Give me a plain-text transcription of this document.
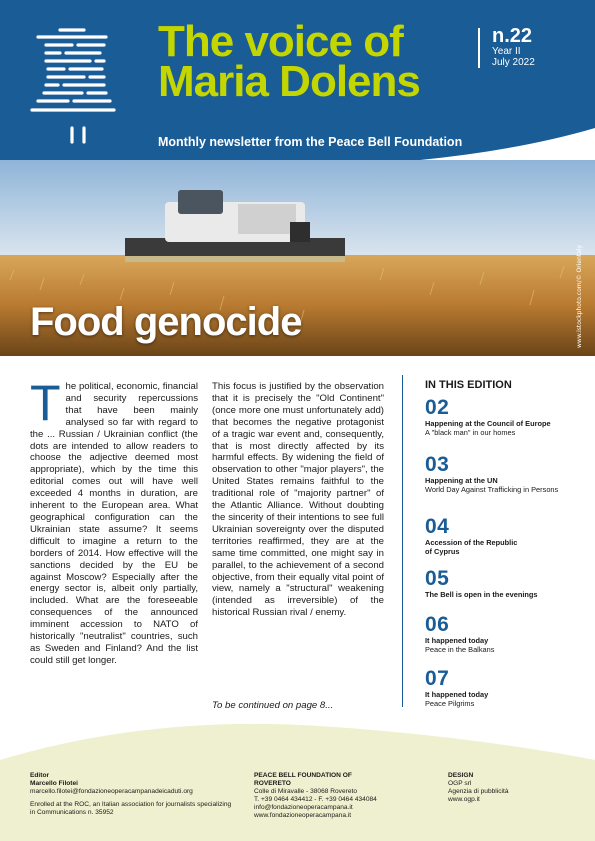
The voice of
Maria Dolens
n.22
Year II
July 2022
Monthly newsletter from the Peace Bell Foundation
Food genocide	www.istockphoto.com/© Orientaly
T he political, economic, financial and security repercussions that have been mainly analysed so far with regard to the ... Russian / Ukrainian conflict (the dots are intended to allow readers to choose the adjective deemed most appropriate), which by the time this editorial comes out will have well exceeded 4 months in duration, are inherent to the European area. What geographical configuration can the Ukrainian state assume? It seems difficult to imagine a return to the borders of 2014. How effective will the sanctions decided by the EU be against Moscow? Especially after the energy sector is, albeit only partially, included. What are the foreseeable consequences of the announced imminent accession to NATO of historically "neutralist" countries, such as Sweden and Finland? And the list could still get longer.
This focus is justified by the observation that it is precisely the "Old Continent" (once more one must unfortunately add) that becomes the negative protagonist of a tragic war event and, consequently, that is most directly affected by its harmful effects. By widening the field of observation to other "major players", the United States remains faithful to the traditional role of "majority partner" of the Atlantic Alliance. Without doubting the sincerity of their intentions to see full Ukrainian sovereignty over the disputed territories reaffirmed, they are at the same time committed, one might say in parallel, to the achievement of a second objective, from their equally vital point of view, namely a "structural" weakening (intended as irreversible) of the historical Russian rival / enemy.
To be continued on page 8...
IN THIS EDITION
02
Happening at the Council of Europe
A "black man" in our homes
03
Happening at the UN
World Day Against Trafficking in Persons
04
Accession of the Republic of Cyprus
05
The Bell is open in the evenings
06
It happened today
Peace in the Balkans
07
It happened today
Peace Pilgrims
Editor
Marcello Filotei
marcello.filotei@fondazioneoperacampanadeicaduti.org
Enrolled at the ROC, an Italian association for journalists specializing in Communications n. 35952
PEACE BELL FOUNDATION OF ROVERETO
Colle di Miravalle - 38068 Rovereto
T. +39 0464 434412 - F. +39 0464 434084
info@fondazioneoperacampana.it
www.fondazioneoperacampana.it
DESIGN
OGP srl
Agenzia di pubblicità
www.ogp.it
